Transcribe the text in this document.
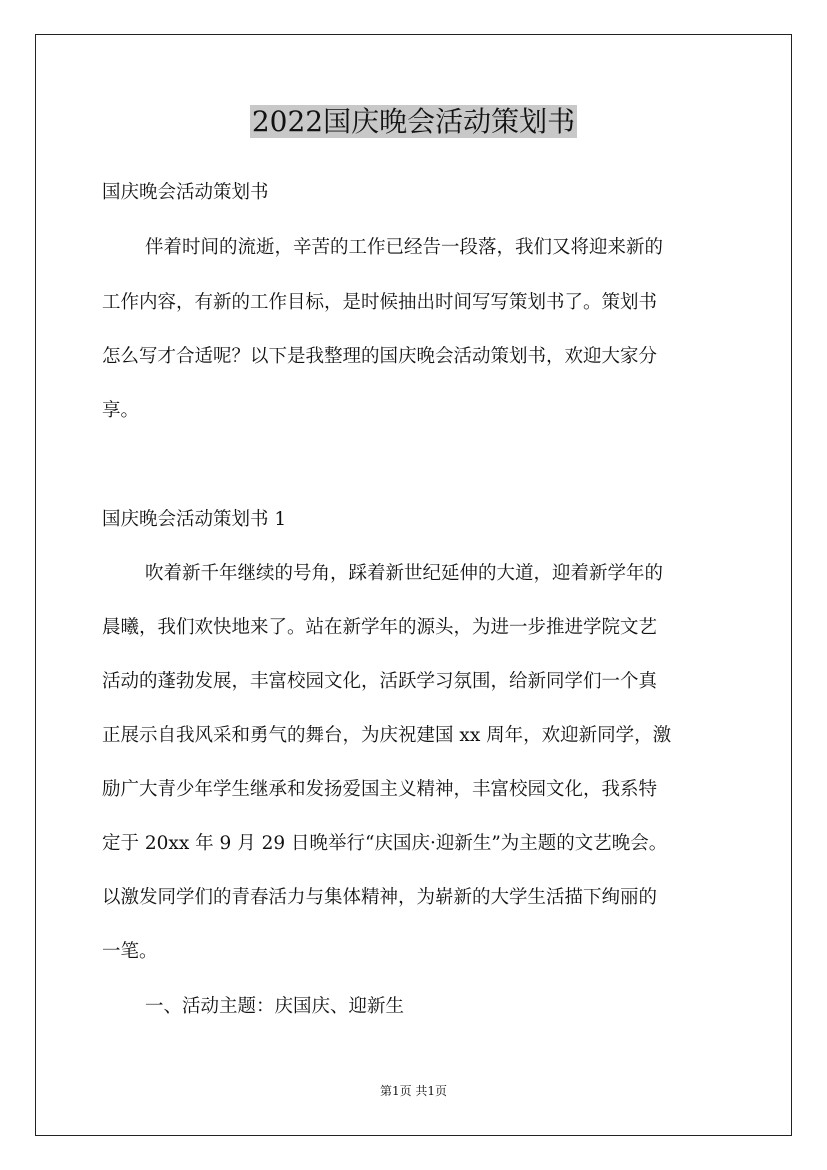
2022国庆晚会活动策划书

国庆晚会活动策划书

伴着时间的流逝，辛苦的工作已经告一段落，我们又将迎来新的

工作内容，有新的工作目标，是时候抽出时间写写策划书了。策划书

怎么写才合适呢？以下是我整理的国庆晚会活动策划书，欢迎大家分

享。

国庆晚会活动策划书 1

吹着新千年继续的号角，踩着新世纪延伸的大道，迎着新学年的

晨曦，我们欢快地来了。站在新学年的源头，为进一步推进学院文艺

活动的蓬勃发展，丰富校园文化，活跃学习氛围，给新同学们一个真

正展示自我风采和勇气的舞台，为庆祝建国 xx 周年，欢迎新同学，激

励广大青少年学生继承和发扬爱国主义精神，丰富校园文化，我系特

定于 20xx 年 9 月 29 日晚举行“庆国庆·迎新生”为主题的文艺晚会。

以激发同学们的青春活力与集体精神，为崭新的大学生活描下绚丽的

一笔。

一、活动主题：庆国庆、迎新生

第1页 共1页
